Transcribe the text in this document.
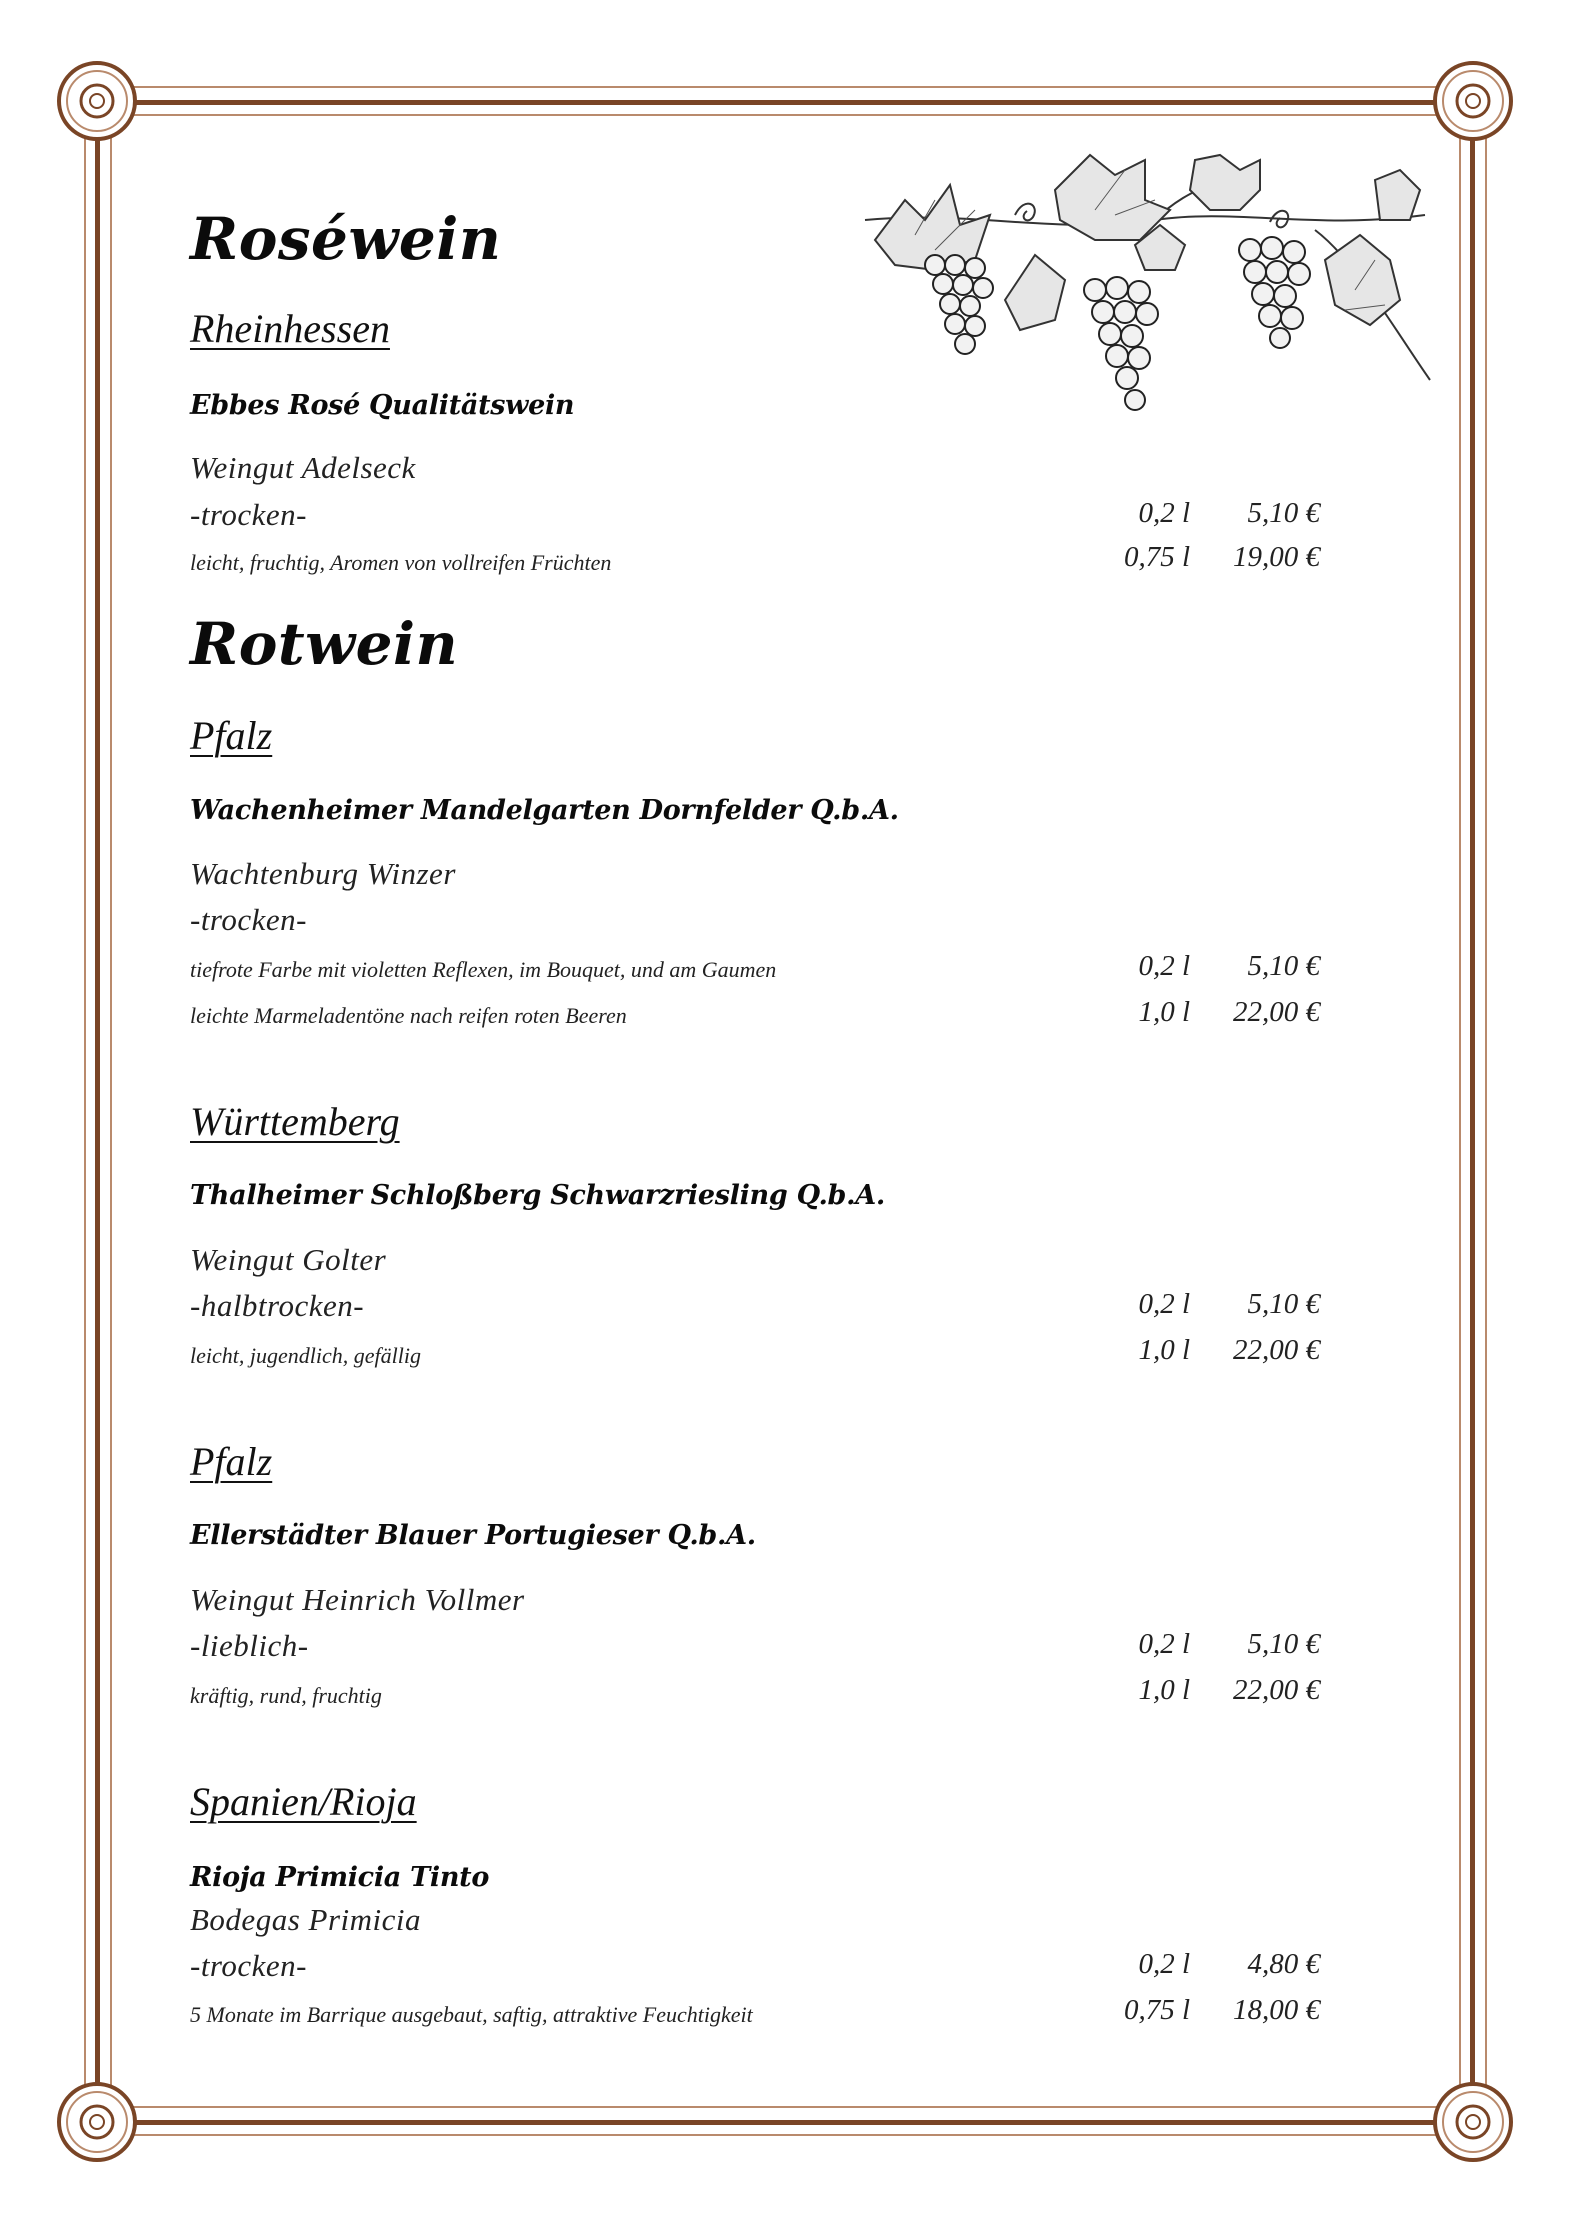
Roséwein
Rheinhessen
Ebbes Rosé Qualitätswein
Weingut Adelseck
-trocken-
leicht, fruchtig, Aromen von vollreifen Früchten
0,2 l 5,10 €
0,75 l 19,00 €
Rotwein
Pfalz
Wachenheimer Mandelgarten Dornfelder Q.b.A.
Wachtenburg Winzer
-trocken-
tiefrote Farbe mit violetten Reflexen, im Bouquet, und am Gaumen
leichte Marmeladentöne nach reifen roten Beeren
0,2 l 5,10 €
1,0 l 22,00 €
Württemberg
Thalheimer Schloßberg Schwarzriesling Q.b.A.
Weingut Golter
-halbtrocken-
leicht, jugendlich, gefällig
0,2 l 5,10 €
1,0 l 22,00 €
Pfalz
Ellerstädter Blauer Portugieser Q.b.A.
Weingut Heinrich Vollmer
-lieblich-
kräftig, rund, fruchtig
0,2 l 5,10 €
1,0 l 22,00 €
Spanien/Rioja
Rioja Primicia Tinto
Bodegas Primicia
-trocken-
5 Monate im Barrique ausgebaut, saftig, attraktive Feuchtigkeit
0,2 l 4,80 €
0,75 l 18,00 €
